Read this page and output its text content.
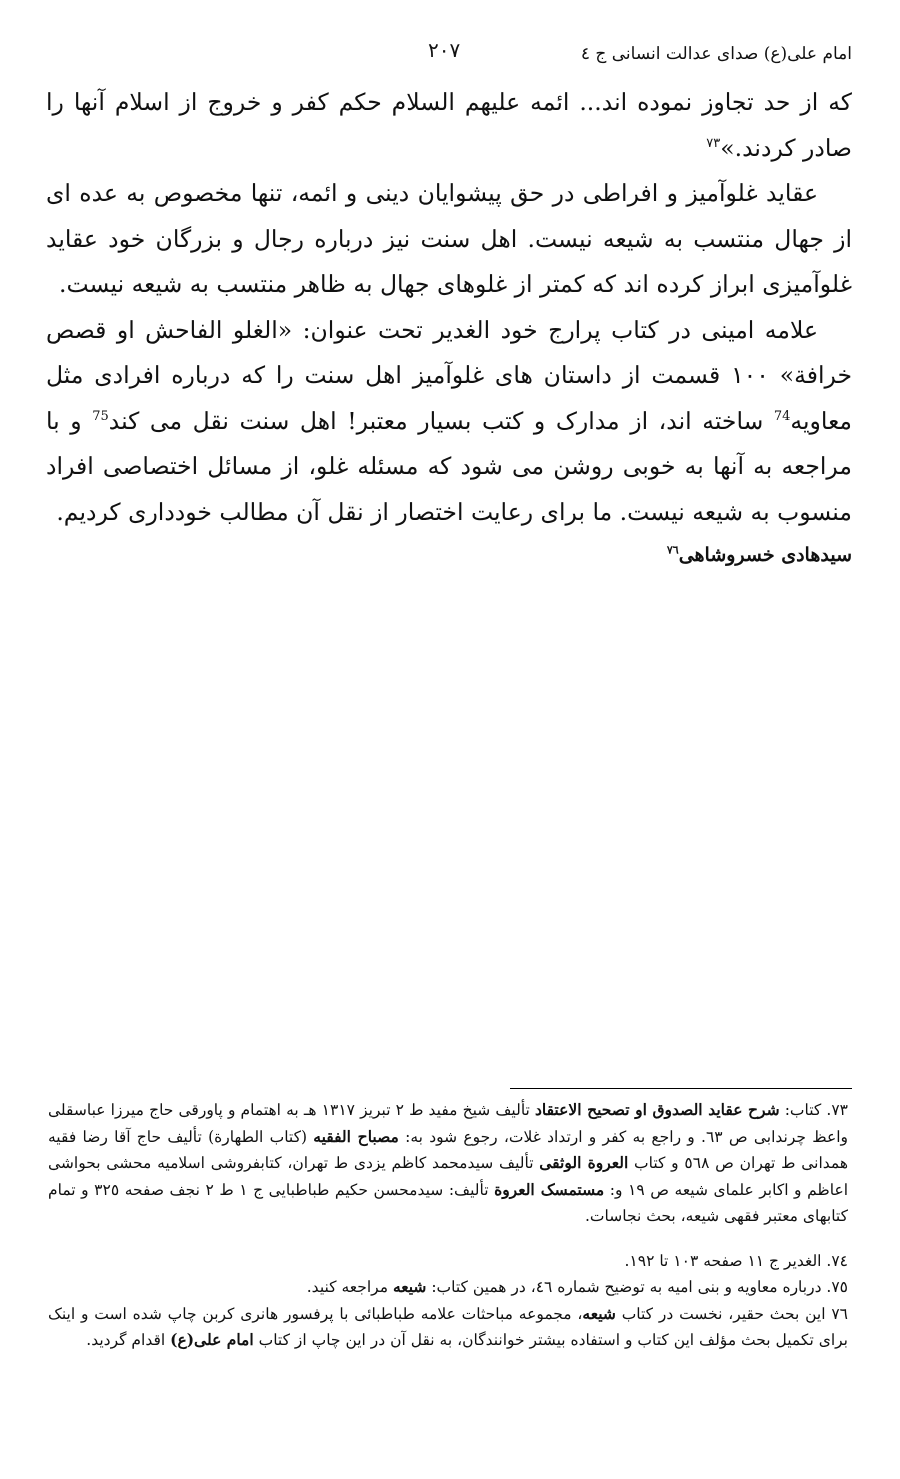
امام علی(ع) صدای عدالت انسانی ج ٤
٢٠٧

که از حد تجاوز نموده اند... ائمه علیهم السلام حکم کفر و خروج از اسلام آنها را صادر کردند.»$^{٧٣}$

عقاید غلوآمیز و افراطی در حق پیشوایان دینی و ائمه، تنها مخصوص به عده ای از جهال منتسب به شیعه نیست. اهل سنت نیز درباره رجال و بزرگان خود عقاید غلوآمیزی ابراز کرده اند که کمتر از غلوهای جهال به ظاهر منتسب به شیعه نیست.

علامه امینی در کتاب پرارج خود الغدیر تحت عنوان: «الغلو الفاحش او قصص خرافة» ١٠٠ قسمت از داستان های غلوآمیز اهل سنت را که درباره افرادی مثل معاویه$^{74}$ ساخته اند، از مدارک و کتب بسیار معتبر! اهل سنت نقل می کند$^{75}$ و با مراجعه به آنها به خوبی روشن می شود که مسئله غلو، از مسائل اختصاصی افراد منسوب به شیعه نیست. ما برای رعایت اختصار از نقل آن مطالب خودداری کردیم.

سیدهادی خسروشاهی$^{٧٦}$

٧٣. کتاب: شرح عقاید الصدوق او تصحیح الاعتقاد تألیف شیخ مفید ط ٢ تبریز ١٣١٧ هـ به اهتمام و پاورقی حاج میرزا عباسقلی واعظ چرندابی ص ٦٣. و راجع به کفر و ارتداد غلات، رجوع شود به: مصباح الفقیه (کتاب الطهارة) تألیف حاج آقا رضا فقیه همدانی ط تهران ص ٥٦٨ و کتاب العروة الوثقی تألیف سیدمحمد کاظم یزدی ط تهران، کتابفروشی اسلامیه محشی بحواشی اعاظم و اکابر علمای شیعه ص ١٩ و: مستمسک العروة تألیف: سیدمحسن حکیم طباطبایی ج ١ ط ٢ نجف صفحه ٣٢٥ و تمام کتابهای معتبر فقهی شیعه، بحث نجاسات.

٧٤. الغدیر ج ١١ صفحه ١٠٣ تا ١٩٢.

٧٥. درباره معاویه و بنی امیه به توضیح شماره ٤٦، در همین کتاب: شیعه مراجعه کنید.

٧٦ این بحث حقیر، نخست در کتاب شیعه، مجموعه مباحثات علامه طباطبائی با پرفسور هانری کربن چاپ شده است و اینک برای تکمیل بحث مؤلف این کتاب و استفاده بیشتر خوانندگان، به نقل آن در این چاپ از کتاب امام علی(ع) اقدام گردید.
